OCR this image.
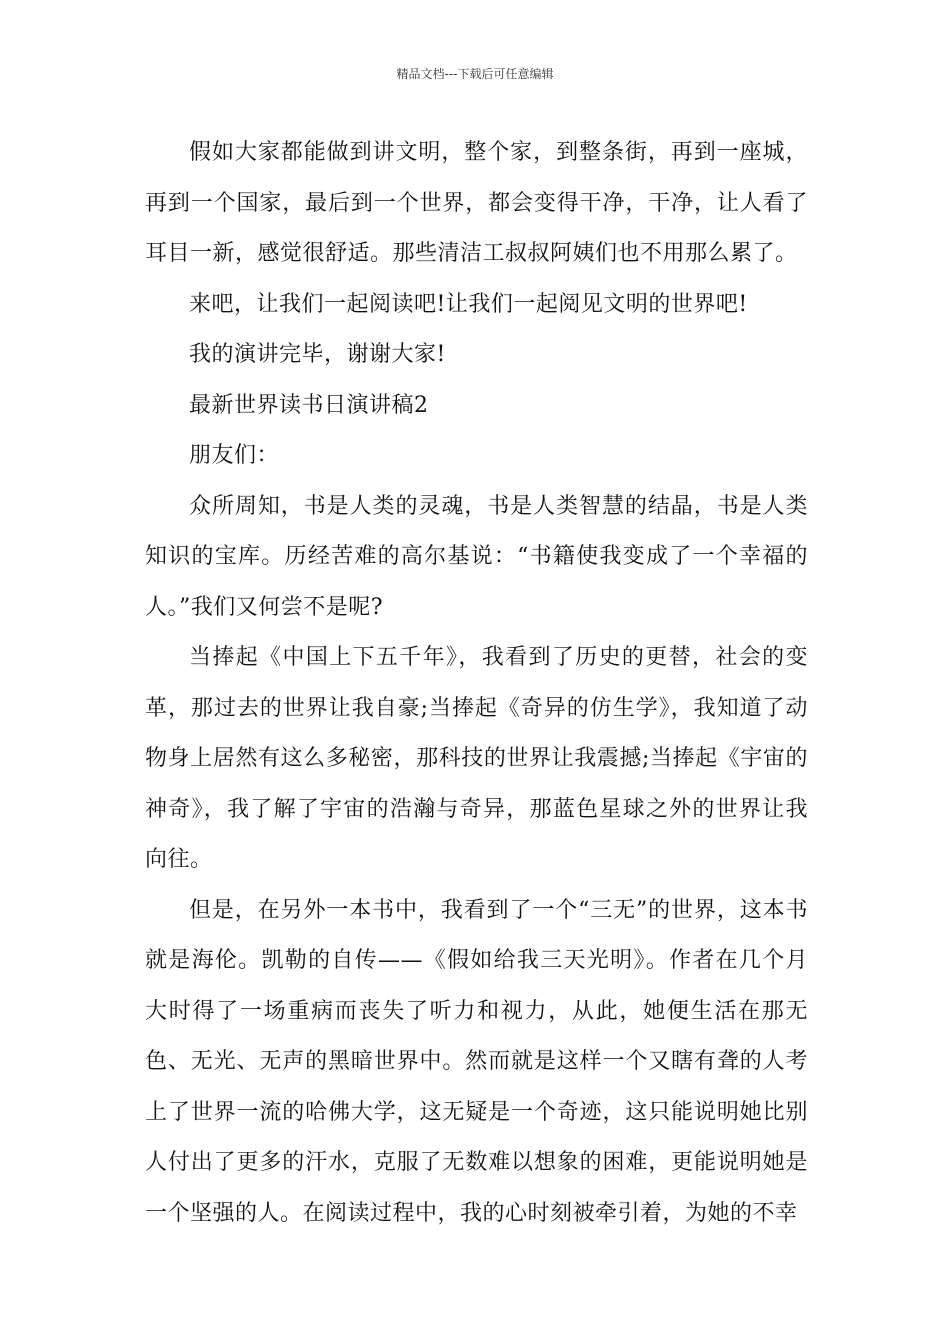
精品文档---下载后可任意编辑

假如大家都能做到讲文明，整个家，到整条街，再到一座城，再到一个国家，最后到一个世界，都会变得干净，干净，让人看了耳目一新，感觉很舒适。那些清洁工叔叔阿姨们也不用那么累了。

来吧，让我们一起阅读吧!让我们一起阅见文明的世界吧!

我的演讲完毕，谢谢大家!

最新世界读书日演讲稿2

朋友们：

众所周知，书是人类的灵魂，书是人类智慧的结晶，书是人类知识的宝库。历经苦难的高尔基说：“书籍使我变成了一个幸福的人。”我们又何尝不是呢?

当捧起《中国上下五千年》，我看到了历史的更替，社会的变革，那过去的世界让我自豪;当捧起《奇异的仿生学》，我知道了动物身上居然有这么多秘密，那科技的世界让我震撼;当捧起《宇宙的神奇》，我了解了宇宙的浩瀚与奇异，那蓝色星球之外的世界让我向往。

但是，在另外一本书中，我看到了一个“三无”的世界，这本书就是海伦。凯勒的自传——《假如给我三天光明》。作者在几个月大时得了一场重病而丧失了听力和视力，从此，她便生活在那无色、无光、无声的黑暗世界中。然而就是这样一个又瞎有聋的人考上了世界一流的哈佛大学，这无疑是一个奇迹，这只能说明她比别人付出了更多的汗水，克服了无数难以想象的困难，更能说明她是一个坚强的人。在阅读过程中，我的心时刻被牵引着，为她的不幸
